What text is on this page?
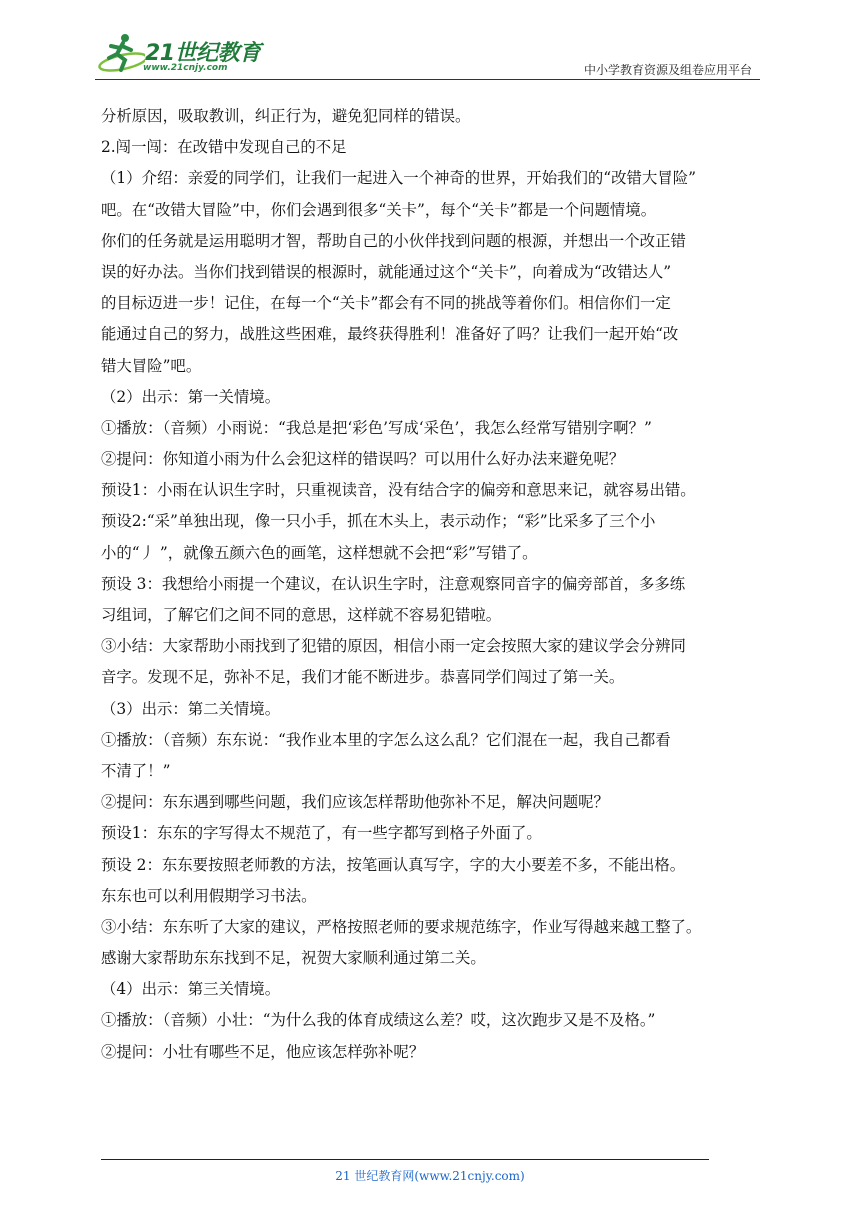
21世纪教育
www.21cnjy.com	中小学教育资源及组卷应用平台

分析原因，吸取教训，纠正行为，避免犯同样的错误。

2.闯一闯：在改错中发现自己的不足

（1）介绍：亲爱的同学们，让我们一起进入一个神奇的世界，开始我们的“改错大冒险”

吧。在“改错大冒险”中，你们会遇到很多“关卡”，每个“关卡”都是一个问题情境。

你们的任务就是运用聪明才智，帮助自己的小伙伴找到问题的根源，并想出一个改正错

误的好办法。当你们找到错误的根源时，就能通过这个“关卡”，向着成为“改错达人”

的目标迈进一步！记住，在每一个“关卡”都会有不同的挑战等着你们。相信你们一定

能通过自己的努力，战胜这些困难，最终获得胜利！准备好了吗？让我们一起开始“改

错大冒险”吧。

（2）出示：第一关情境。

①播放：（音频）小雨说：“我总是把‘彩色’写成‘采色’，我怎么经常写错别字啊？”

②提问：你知道小雨为什么会犯这样的错误吗？可以用什么好办法来避免呢？

预设1：小雨在认识生字时，只重视读音，没有结合字的偏旁和意思来记，就容易出错。

预设2:“采”单独出现，像一只小手，抓在木头上，表示动作；“彩”比采多了三个小

小的“丿 ”，就像五颜六色的画笔，这样想就不会把“彩”写错了。

预设 3：我想给小雨提一个建议，在认识生字时，注意观察同音字的偏旁部首，多多练

习组词，了解它们之间不同的意思，这样就不容易犯错啦。

③小结：大家帮助小雨找到了犯错的原因，相信小雨一定会按照大家的建议学会分辨同

音字。发现不足，弥补不足，我们才能不断进步。恭喜同学们闯过了第一关。

（3）出示：第二关情境。

①播放：（音频）东东说：“我作业本里的字怎么这么乱？它们混在一起，我自己都看

不清了！”

②提问：东东遇到哪些问题，我们应该怎样帮助他弥补不足，解决问题呢？

预设1：东东的字写得太不规范了，有一些字都写到格子外面了。

预设 2：东东要按照老师教的方法，按笔画认真写字，字的大小要差不多，不能出格。

东东也可以利用假期学习书法。

③小结：东东听了大家的建议，严格按照老师的要求规范练字，作业写得越来越工整了。

感谢大家帮助东东找到不足，祝贺大家顺利通过第二关。

（4）出示：第三关情境。

①播放：（音频）小壮：“为什么我的体育成绩这么差？哎，这次跑步又是不及格。”

②提问：小壮有哪些不足，他应该怎样弥补呢？

21 世纪教育网(www.21cnjy.com)
